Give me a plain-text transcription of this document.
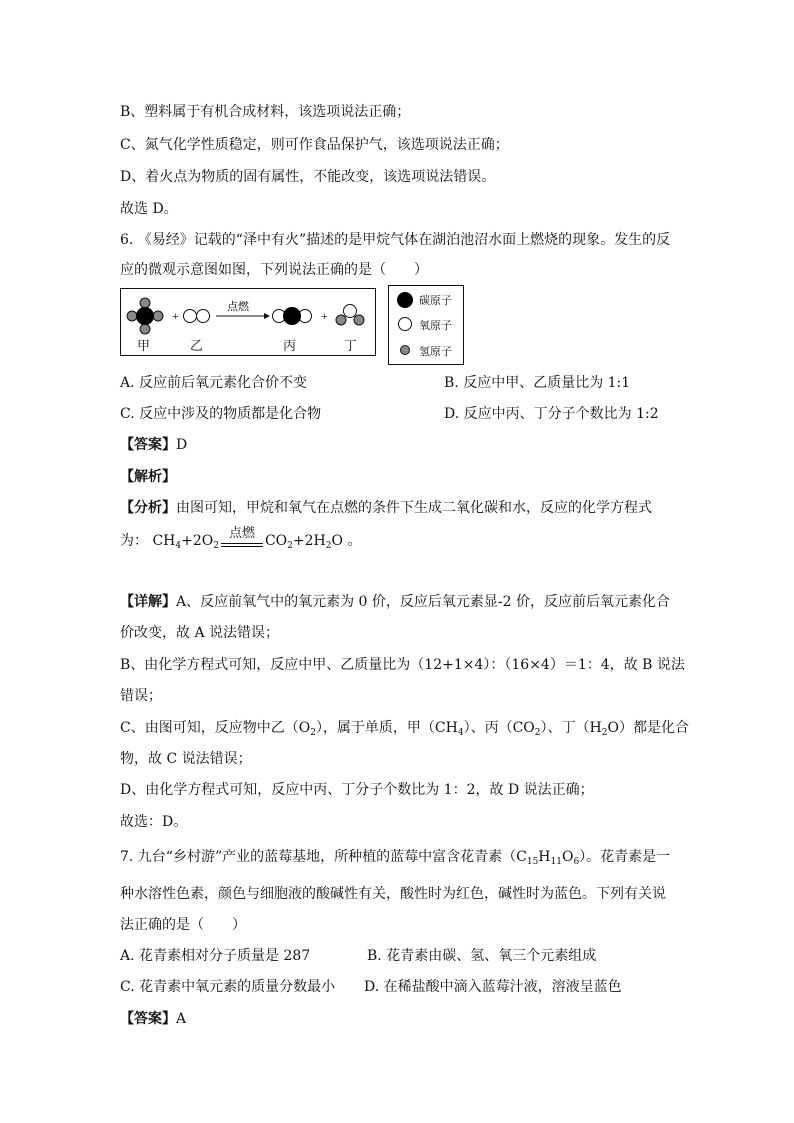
B、塑料属于有机合成材料，该选项说法正确；
C、氮气化学性质稳定，则可作食品保护气，该选项说法正确；
D、着火点为物质的固有属性，不能改变，该选项说法错误。
故选 D。
6. 《易经》记载的“泽中有火”描述的是甲烷气体在湖泊池沼水面上燃烧的现象。发生的反
应的微观示意图如图，下列说法正确的是（　　）
+
点燃
+
甲	乙	丙	丁
碳原子
氧原子
氢原子
A. 反应前后氧元素化合价不变	B. 反应中甲、乙质量比为 1:1
C. 反应中涉及的物质都是化合物	D. 反应中丙、丁分子个数比为 1:2
【答案】D
【解析】
【分析】由图可知，甲烷和氧气在点燃的条件下生成二氧化碳和水，反应的化学方程式
为： $CH_4+2O_2$
点燃 $CO_2+2H_2O$ 。
【详解】A、反应前氧气中的氧元素为 0 价，反应后氧元素显-2 价，反应前后氧元素化合
价改变，故 A 说法错误；
B、由化学方程式可知，反应中甲、乙质量比为（12+1×4）：（16×4）＝1：4，故 B 说法
错误；
C、由图可知，反应物中乙$(O_2)$，属于单质，甲$(CH_4)$、丙$(CO_2)$、丁$(H_2O)$都是化合
物，故 C 说法错误；
D、由化学方程式可知，反应中丙、丁分子个数比为 1：2，故 D 说法正确；
故选：D。
7. 九台“乡村游”产业的蓝莓基地，所种植的蓝莓中富含花青素$(C_{15}H_{11}O_6)$。花青素是一
种水溶性色素，颜色与细胞液的酸碱性有关，酸性时为红色，碱性时为蓝色。下列有关说
法正确的是（　　）
A. 花青素相对分子质量是 287	B. 花青素由碳、氢、氧三个元素组成
C. 花青素中氧元素的质量分数最小 D. 在稀盐酸中滴入蓝莓汁液，溶液呈蓝色
【答案】A
